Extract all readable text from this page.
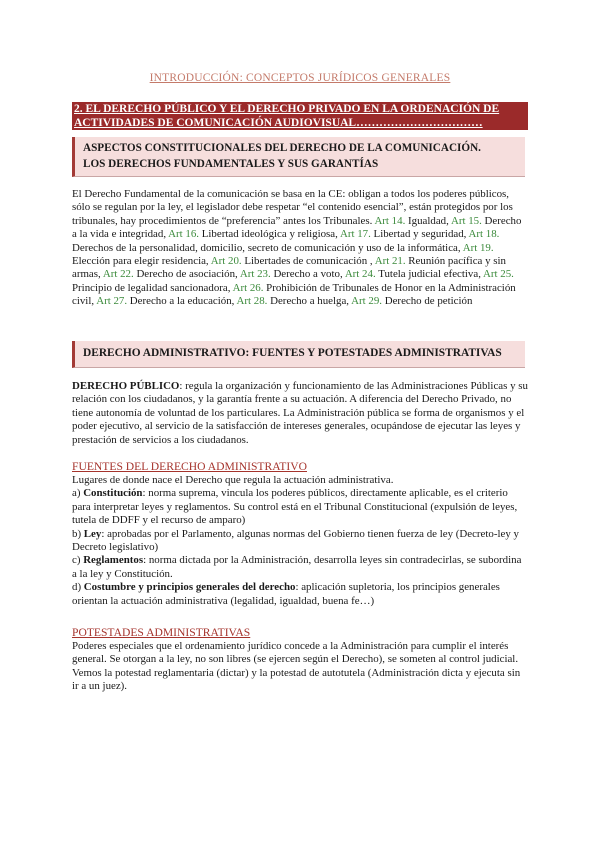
INTRODUCCIÓN: CONCEPTOS JURÍDICOS GENERALES
2. EL DERECHO PÚBLICO Y EL DERECHO PRIVADO EN LA ORDENACIÓN DE
ACTIVIDADES DE COMUNICACIÓN AUDIOVISUAL……………………………
ASPECTOS CONSTITUCIONALES DEL DERECHO DE LA COMUNICACIÓN.
LOS DERECHOS FUNDAMENTALES Y SUS GARANTÍAS
El Derecho Fundamental de la comunicación se basa en la CE: obligan a todos los poderes públicos, sólo se regulan por la ley, el legislador debe respetar “el contenido esencial”, están protegidos por los tribunales, hay procedimientos de “preferencia” antes los Tribunales. Art 14. Igualdad, Art 15. Derecho a la vida e integridad, Art 16. Libertad ideológica y religiosa, Art 17. Libertad y seguridad, Art 18. Derechos de la personalidad, domicilio, secreto de comunicación y uso de la informática, Art 19. Elección para elegir residencia, Art 20. Libertades de comunicación , Art 21. Reunión pacífica y sin armas, Art 22. Derecho de asociación, Art 23. Derecho a voto, Art 24. Tutela judicial efectiva, Art 25. Principio de legalidad sancionadora, Art 26. Prohibición de Tribunales de Honor en la Administración civil, Art 27. Derecho a la educación, Art 28. Derecho a huelga, Art 29. Derecho de petición
DERECHO ADMINISTRATIVO: FUENTES Y POTESTADES ADMINISTRATIVAS
DERECHO PÚBLICO: regula la organización y funcionamiento de las Administraciones Públicas y su relación con los ciudadanos, y la garantía frente a su actuación. A diferencia del Derecho Privado, no tiene autonomía de voluntad de los particulares. La Administración pública se forma de organismos y el poder ejecutivo, al servicio de la satisfacción de intereses generales, ocupándose de ejecutar las leyes y prestación de servicios a los ciudadanos.
FUENTES DEL DERECHO ADMINISTRATIVO
Lugares de donde nace el Derecho que regula la actuación administrativa.
a) Constitución: norma suprema, vincula los poderes públicos, directamente aplicable, es el criterio para interpretar leyes y reglamentos. Su control está en el Tribunal Constitucional (expulsión de leyes, tutela de DDFF y el recurso de amparo)
b) Ley: aprobadas por el Parlamento, algunas normas del Gobierno tienen fuerza de ley (Decreto-ley y Decreto legislativo)
c) Reglamentos: norma dictada por la Administración, desarrolla leyes sin contradecirlas, se subordina a la ley y Constitución.
d) Costumbre y principios generales del derecho: aplicación supletoria, los principios generales orientan la actuación administrativa (legalidad, igualdad, buena fe…)
POTESTADES ADMINISTRATIVAS
Poderes especiales que el ordenamiento jurídico concede a la Administración para cumplir el interés general. Se otorgan a la ley, no son libres (se ejercen según el Derecho), se someten al control judicial. Vemos la potestad reglamentaria (dictar) y la potestad de autotutela (Administración dicta y ejecuta sin ir a un juez).
